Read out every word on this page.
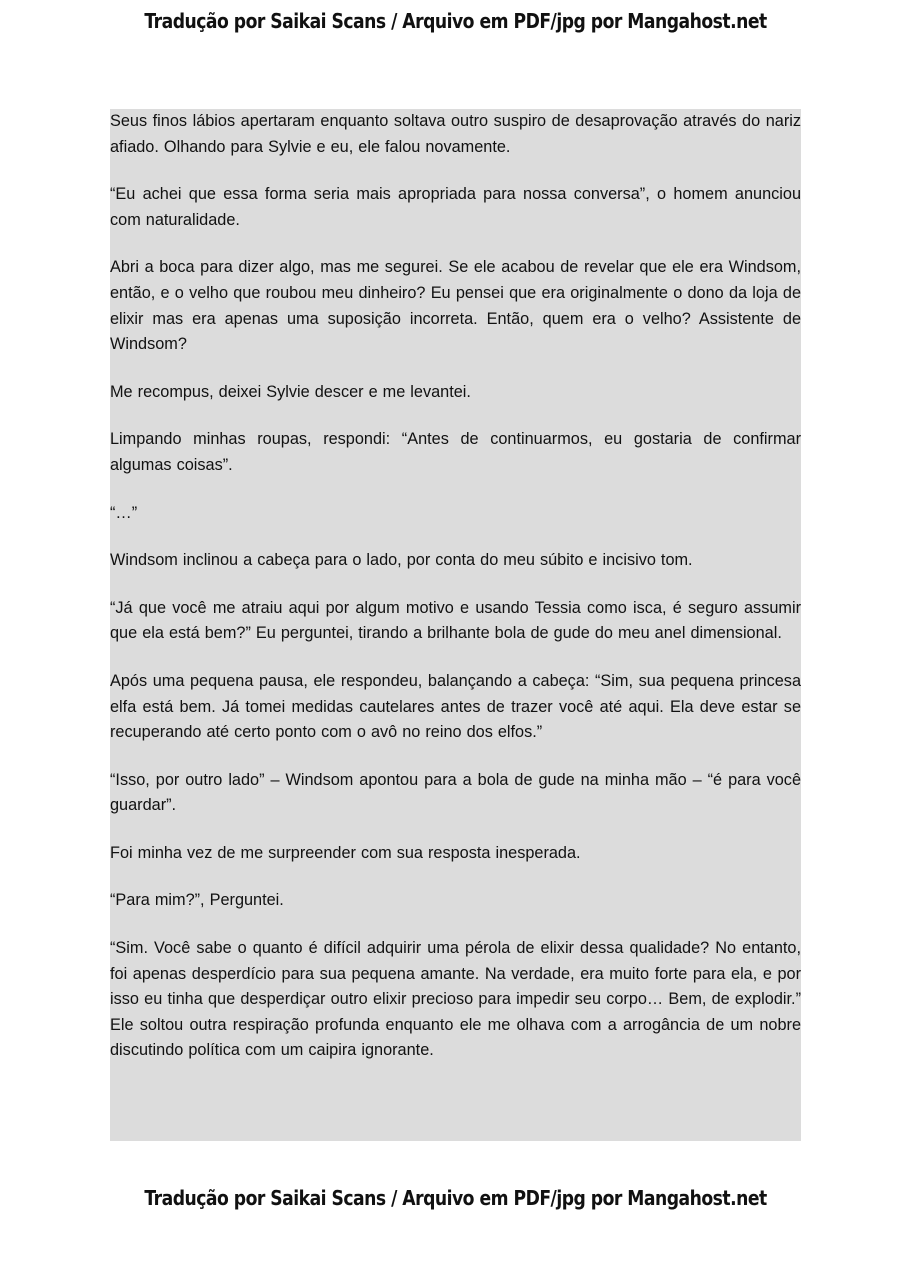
Tradução por Saikai Scans / Arquivo em PDF/jpg por Mangahost.net

Seus finos lábios apertaram enquanto soltava outro suspiro de desaprovação através do nariz afiado. Olhando para Sylvie e eu, ele falou novamente.

“Eu achei que essa forma seria mais apropriada para nossa conversa”, o homem anunciou com naturalidade.

Abri a boca para dizer algo, mas me segurei. Se ele acabou de revelar que ele era Windsom, então, e o velho que roubou meu dinheiro? Eu pensei que era originalmente o dono da loja de elixir mas era apenas uma suposição incorreta. Então, quem era o velho? Assistente de Windsom?

Me recompus, deixei Sylvie descer e me levantei.

Limpando minhas roupas, respondi: “Antes de continuarmos, eu gostaria de confirmar algumas coisas”.

“…”

Windsom inclinou a cabeça para o lado, por conta do meu súbito e incisivo tom.

“Já que você me atraiu aqui por algum motivo e usando Tessia como isca, é seguro assumir que ela está bem?” Eu perguntei, tirando a brilhante bola de gude do meu anel dimensional.

Após uma pequena pausa, ele respondeu, balançando a cabeça: “Sim, sua pequena princesa elfa está bem. Já tomei medidas cautelares antes de trazer você até aqui. Ela deve estar se recuperando até certo ponto com o avô no reino dos elfos.”

“Isso, por outro lado” – Windsom apontou para a bola de gude na minha mão – “é para você guardar”.

Foi minha vez de me surpreender com sua resposta inesperada.

“Para mim?”, Perguntei.

“Sim. Você sabe o quanto é difícil adquirir uma pérola de elixir dessa qualidade? No entanto, foi apenas desperdício para sua pequena amante. Na verdade, era muito forte para ela, e por isso eu tinha que desperdiçar outro elixir precioso para impedir seu corpo… Bem, de explodir.” Ele soltou outra respiração profunda enquanto ele me olhava com a arrogância de um nobre discutindo política com um caipira ignorante.

Tradução por Saikai Scans / Arquivo em PDF/jpg por Mangahost.net
